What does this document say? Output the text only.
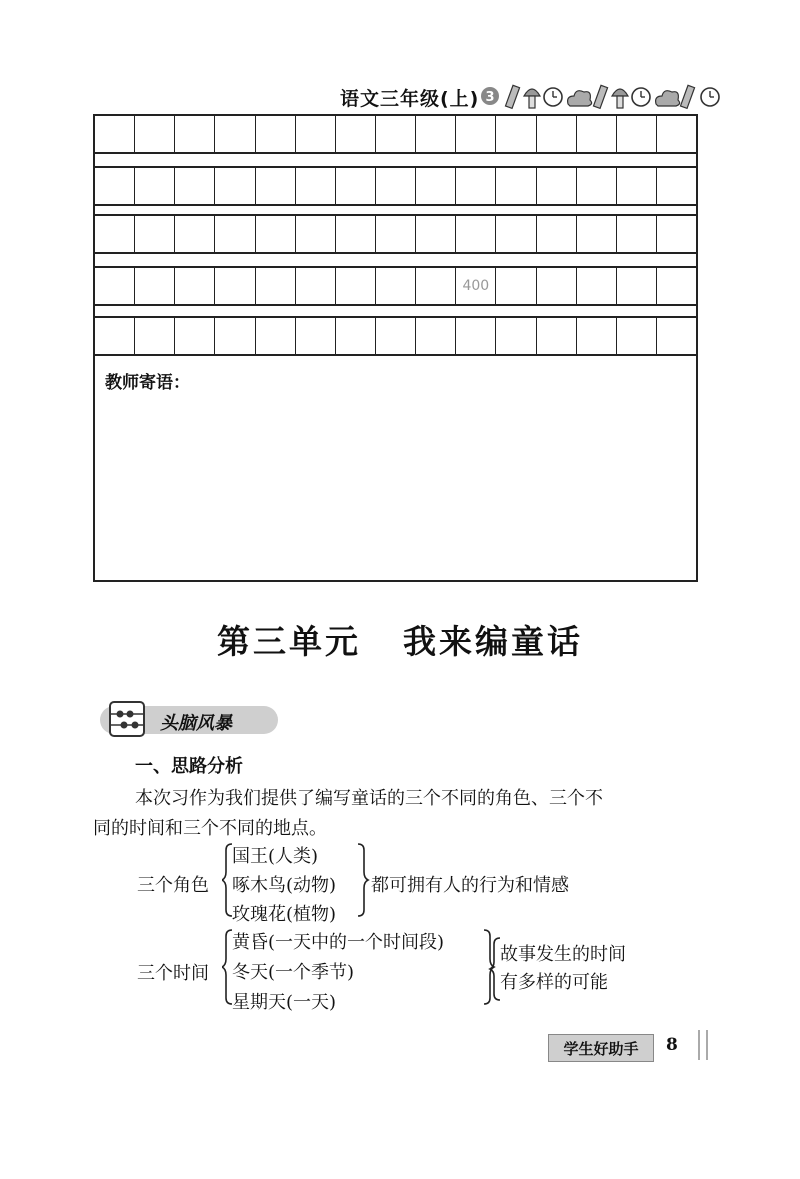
语文三年级(上) 3
400
教师寄语：
第三单元 我来编童话
头脑风暴
一、思路分析
本次习作为我们提供了编写童话的三个不同的角色、三个不
同的时间和三个不同的地点。
三个角色
国王(人类)
啄木鸟(动物)
玫瑰花(植物)
都可拥有人的行为和情感
三个时间
黄昏(一天中的一个时间段)
冬天(一个季节)
星期天(一天)
故事发生的时间
有多样的可能
学生好助手	8
